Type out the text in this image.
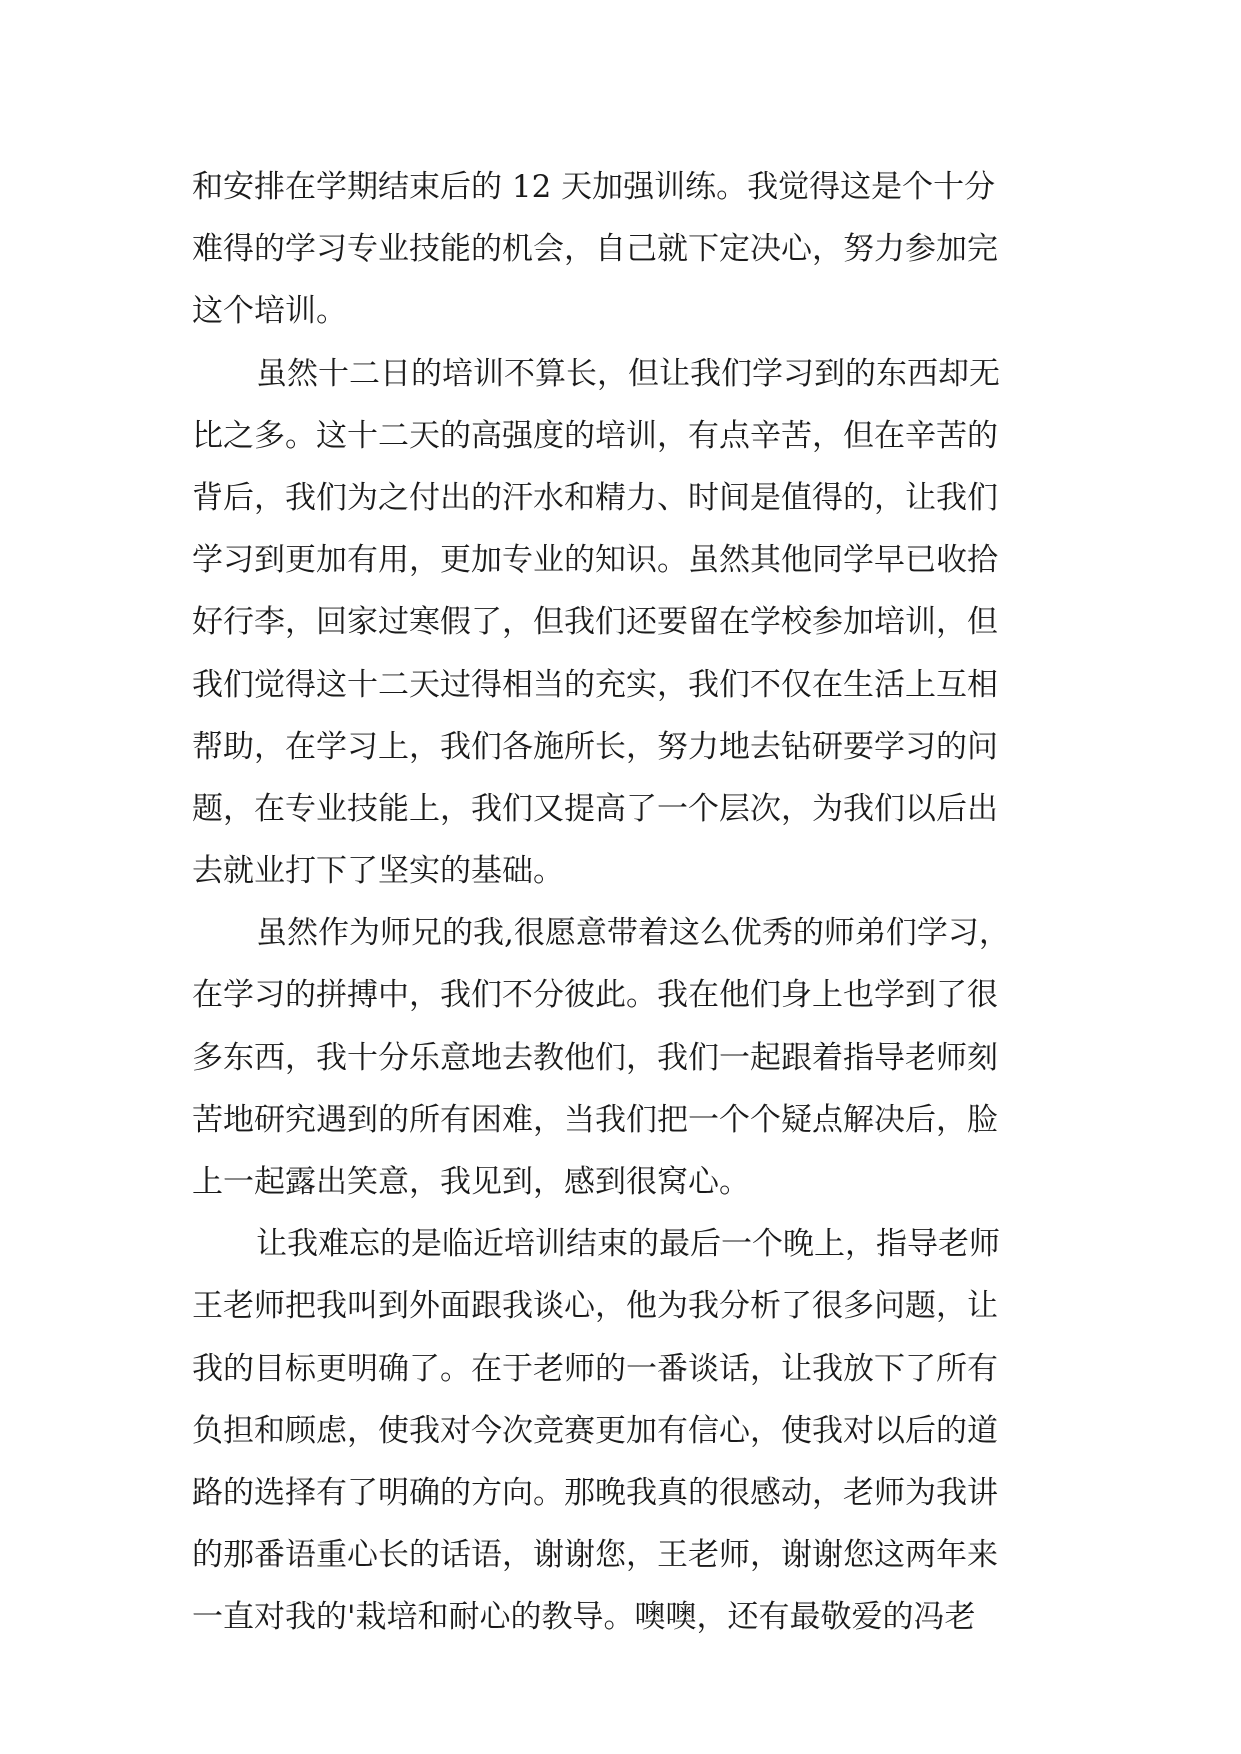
和安排在学期结束后的 12 天加强训练。我觉得这是个十分
难得的学习专业技能的机会，自己就下定决心，努力参加完
这个培训。
虽然十二日的培训不算长，但让我们学习到的东西却无
比之多。这十二天的高强度的培训，有点辛苦，但在辛苦的
背后，我们为之付出的汗水和精力、时间是值得的，让我们
学习到更加有用，更加专业的知识。虽然其他同学早已收拾
好行李，回家过寒假了，但我们还要留在学校参加培训，但
我们觉得这十二天过得相当的充实，我们不仅在生活上互相
帮助，在学习上，我们各施所长，努力地去钻研要学习的问
题，在专业技能上，我们又提高了一个层次，为我们以后出
去就业打下了坚实的基础。
虽然作为师兄的我,很愿意带着这么优秀的师弟们学习，
在学习的拼搏中，我们不分彼此。我在他们身上也学到了很
多东西，我十分乐意地去教他们，我们一起跟着指导老师刻
苦地研究遇到的所有困难，当我们把一个个疑点解决后，脸
上一起露出笑意，我见到，感到很窝心。
让我难忘的是临近培训结束的最后一个晚上，指导老师
王老师把我叫到外面跟我谈心，他为我分析了很多问题，让
我的目标更明确了。在于老师的一番谈话，让我放下了所有
负担和顾虑，使我对今次竞赛更加有信心，使我对以后的道
路的选择有了明确的方向。那晚我真的很感动，老师为我讲
的那番语重心长的话语，谢谢您，王老师，谢谢您这两年来
一直对我的'栽培和耐心的教导。噢噢，还有最敬爱的冯老
